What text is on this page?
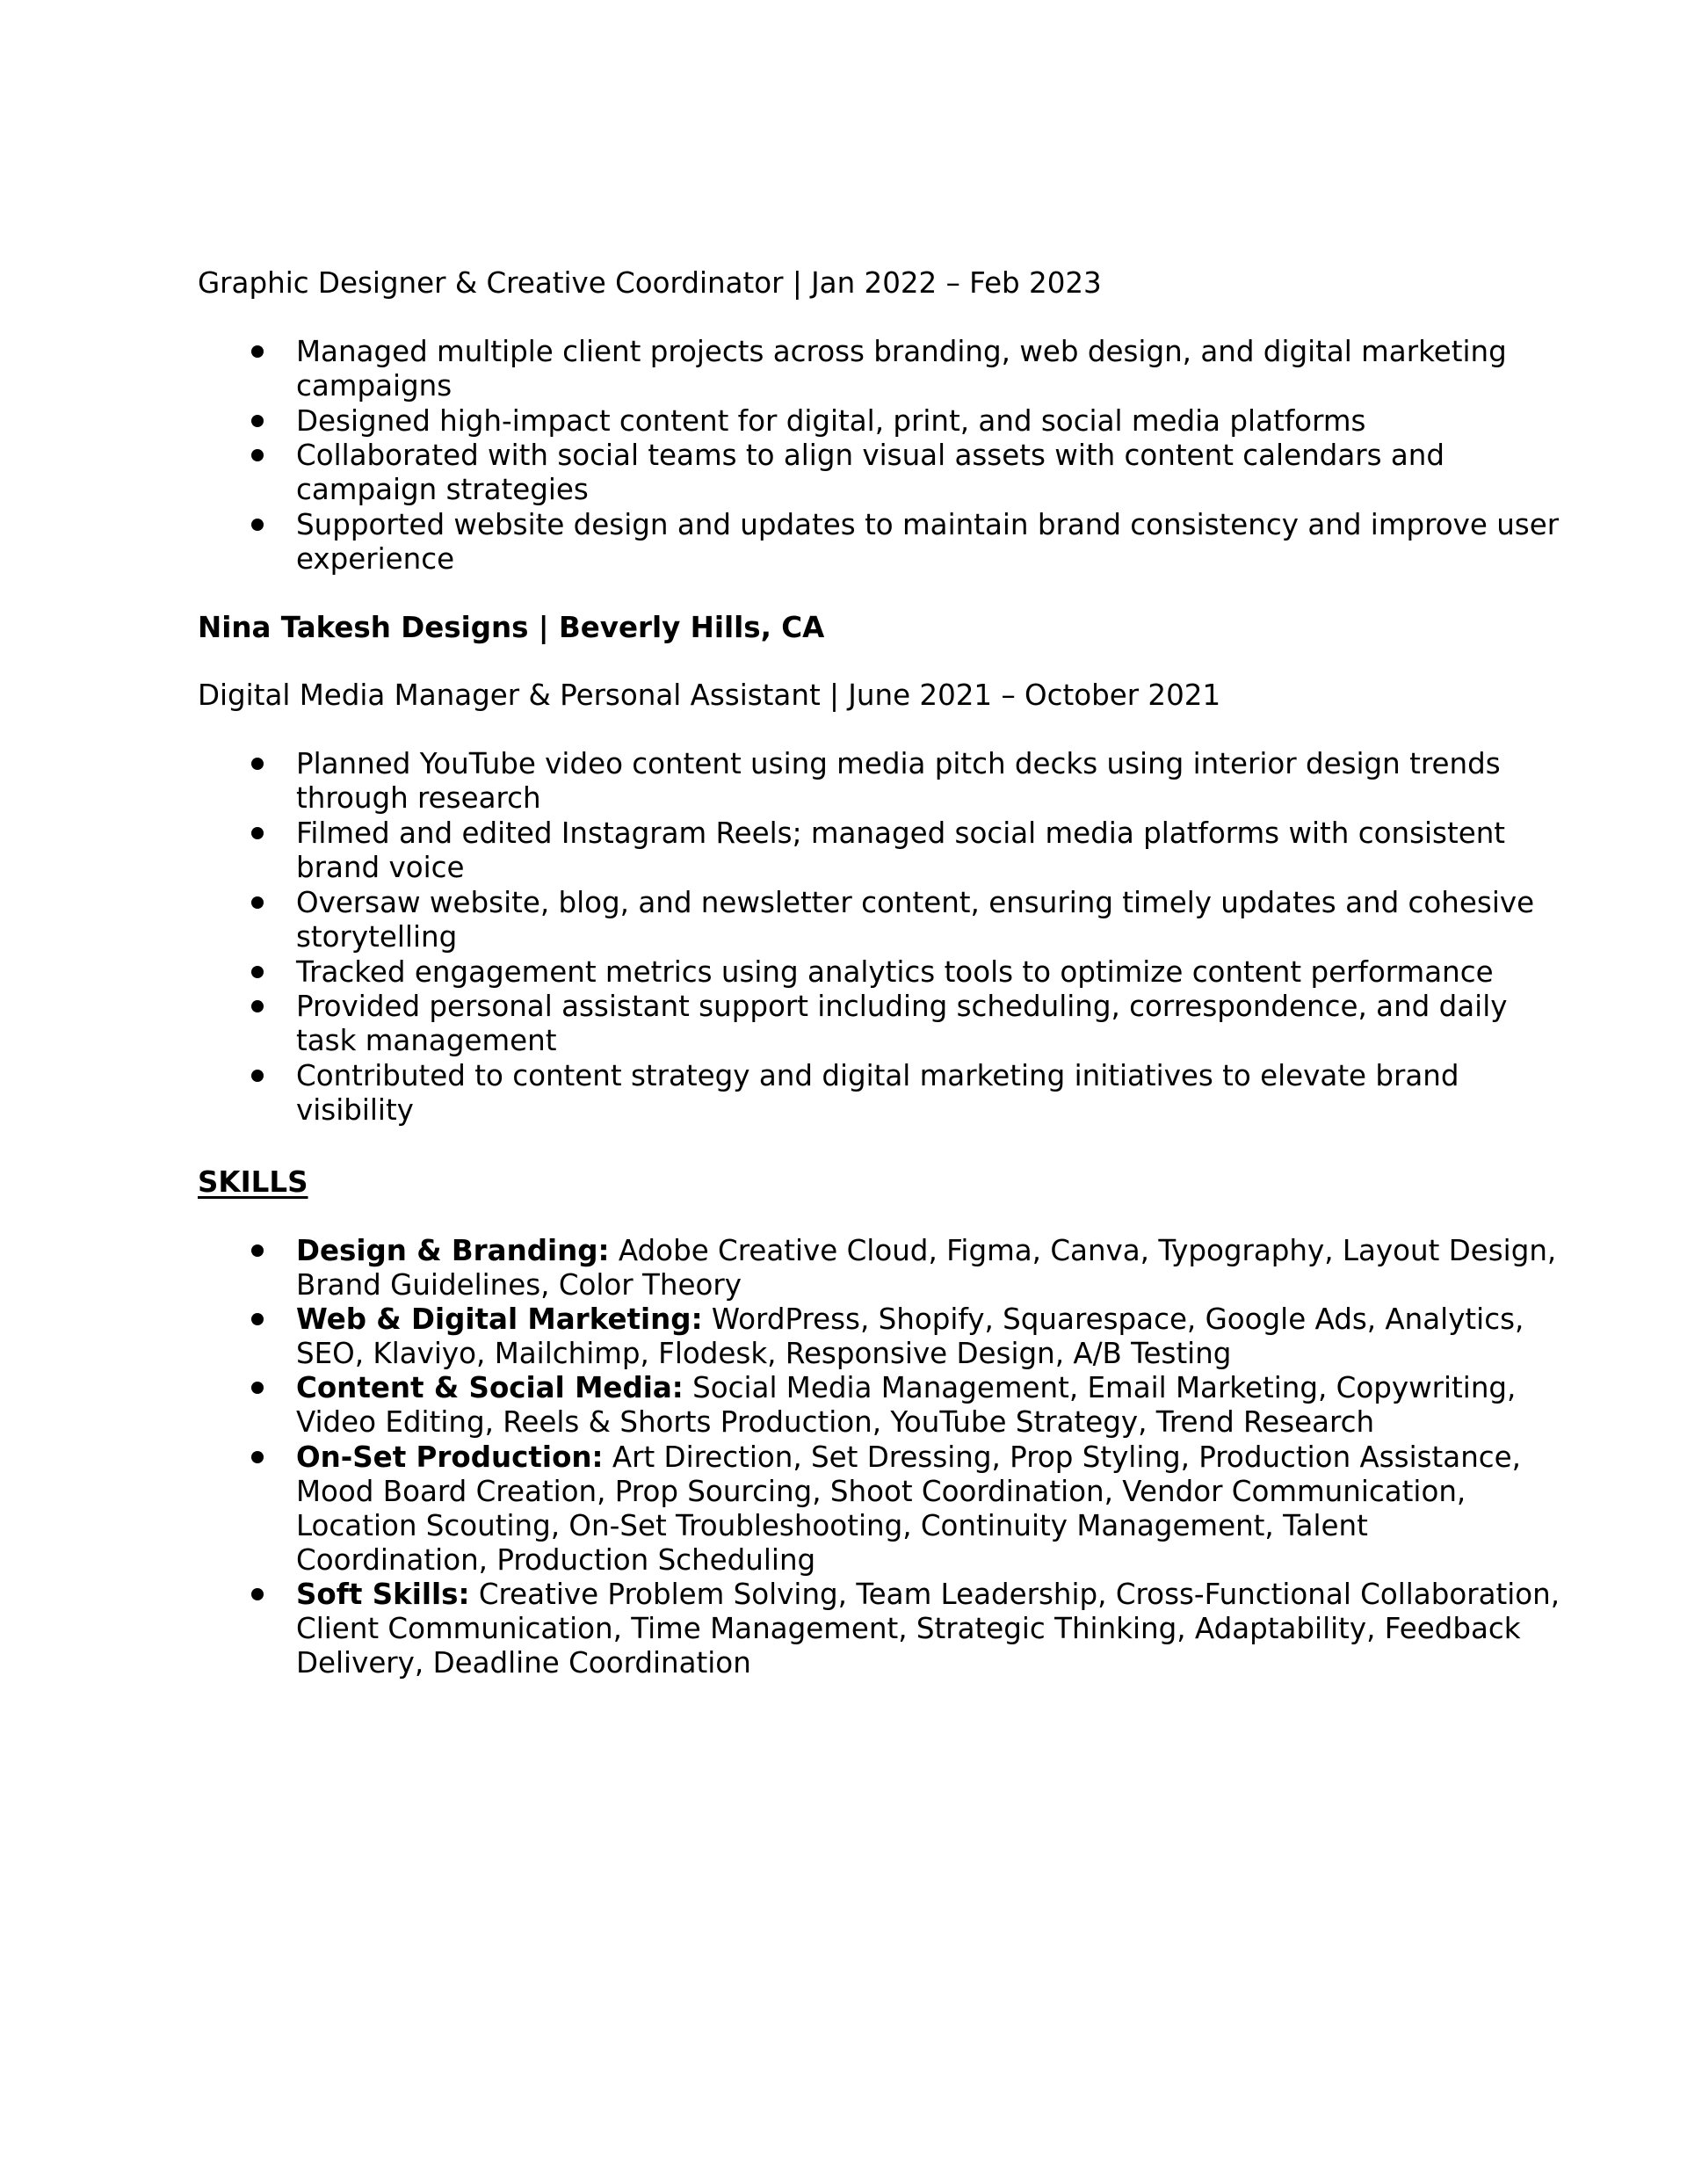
Graphic Designer & Creative Coordinator | Jan 2022 – Feb 2023
Managed multiple client projects across branding, web design, and digital marketing
campaigns
Designed high-impact content for digital, print, and social media platforms
Collaborated with social teams to align visual assets with content calendars and
campaign strategies
Supported website design and updates to maintain brand consistency and improve user
experience
Nina Takesh Designs | Beverly Hills, CA
Digital Media Manager & Personal Assistant | June 2021 – October 2021
Planned YouTube video content using media pitch decks using interior design trends
through research
Filmed and edited Instagram Reels; managed social media platforms with consistent
brand voice
Oversaw website, blog, and newsletter content, ensuring timely updates and cohesive
storytelling
Tracked engagement metrics using analytics tools to optimize content performance
Provided personal assistant support including scheduling, correspondence, and daily
task management
Contributed to content strategy and digital marketing initiatives to elevate brand
visibility
SKILLS
Design & Branding: Adobe Creative Cloud, Figma, Canva, Typography, Layout Design,
Brand Guidelines, Color Theory
Web & Digital Marketing: WordPress, Shopify, Squarespace, Google Ads, Analytics,
SEO, Klaviyo, Mailchimp, Flodesk, Responsive Design, A/B Testing
Content & Social Media: Social Media Management, Email Marketing, Copywriting,
Video Editing, Reels & Shorts Production, YouTube Strategy, Trend Research
On-Set Production: Art Direction, Set Dressing, Prop Styling, Production Assistance,
Mood Board Creation, Prop Sourcing, Shoot Coordination, Vendor Communication,
Location Scouting, On-Set Troubleshooting, Continuity Management, Talent
Coordination, Production Scheduling
Soft Skills: Creative Problem Solving, Team Leadership, Cross-Functional Collaboration,
Client Communication, Time Management, Strategic Thinking, Adaptability, Feedback
Delivery, Deadline Coordination
